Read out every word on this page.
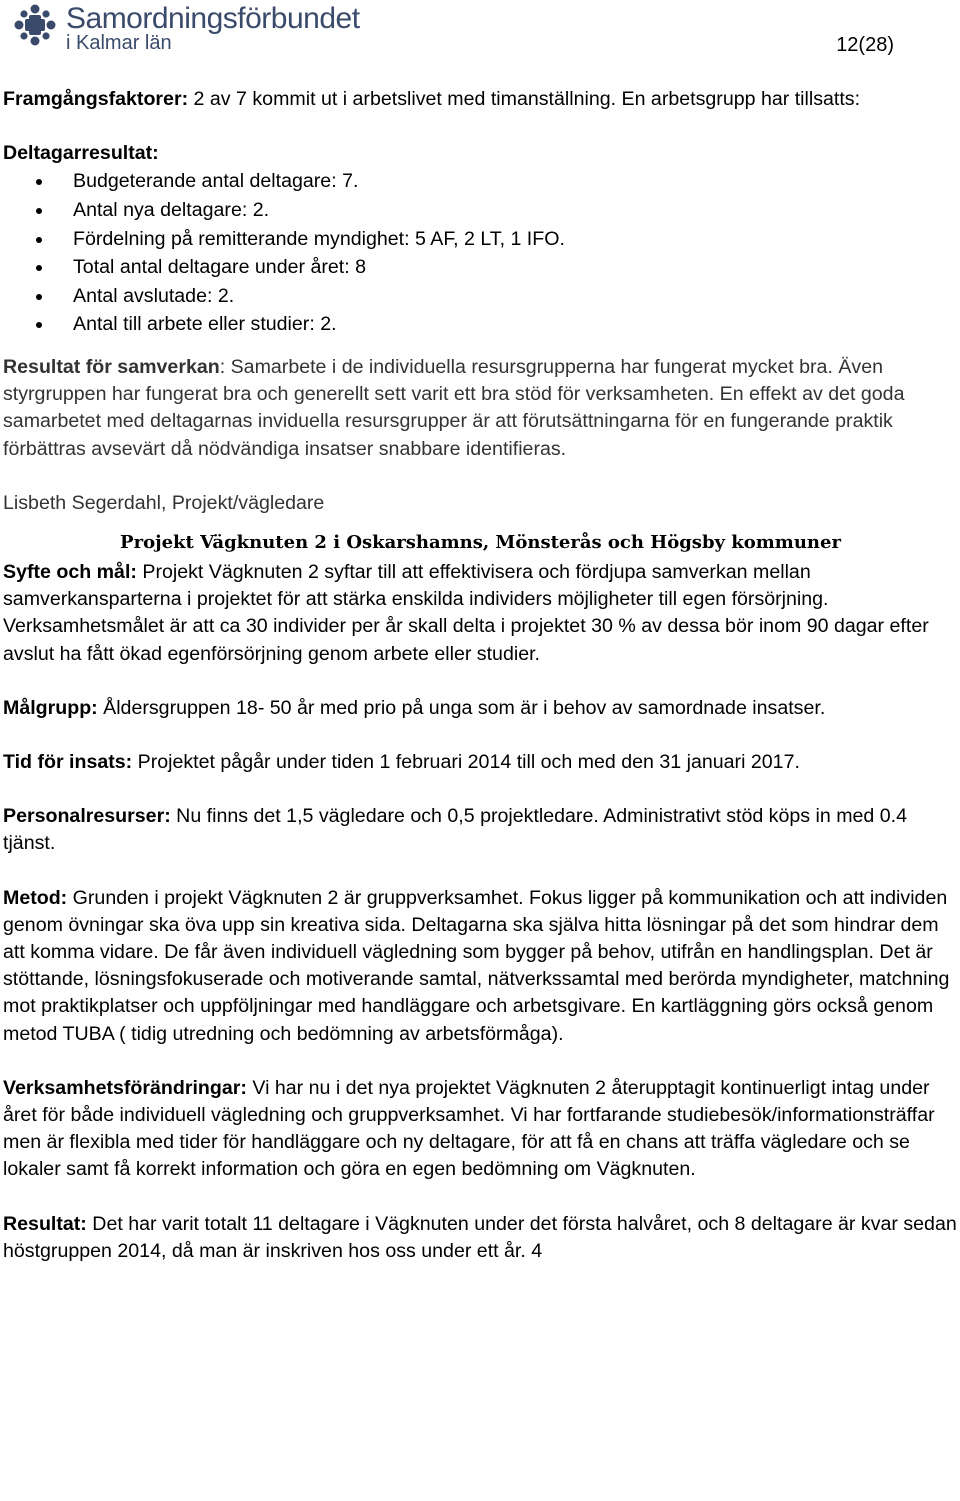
Samordningsförbundet
i Kalmar län	12(28)

Framgångsfaktorer: 2 av 7 kommit ut i arbetslivet med timanställning. En arbetsgrupp har tillsatts:

Deltagarresultat:

Budgeterande antal deltagare: 7.
Antal nya deltagare: 2.
Fördelning på remitterande myndighet: 5 AF, 2 LT, 1 IFO.
Total antal deltagare under året: 8
Antal avslutade: 2.
Antal till arbete eller studier: 2.

Resultat för samverkan: Samarbete i de individuella resursgrupperna har fungerat mycket bra. Även styrgruppen har fungerat bra och generellt sett varit ett bra stöd för verksamheten. En effekt av det goda samarbetet med deltagarnas inviduella resursgrupper är att förutsättningarna för en fungerande praktik förbättras avsevärt då nödvändiga insatser snabbare identifieras.

Lisbeth Segerdahl, Projekt/vägledare

Projekt Vägknuten 2 i Oskarshamns, Mönsterås och Högsby kommuner

Syfte och mål: Projekt Vägknuten 2 syftar till att effektivisera och fördjupa samverkan mellan samverkansparterna i projektet för att stärka enskilda individers möjligheter till egen försörjning. Verksamhetsmålet är att ca 30 individer per år skall delta i projektet 30 % av dessa bör inom 90 dagar efter avslut ha fått ökad egenförsörjning genom arbete eller studier.

Målgrupp: Åldersgruppen 18- 50 år med prio på unga som är i behov av samordnade insatser.

Tid för insats: Projektet pågår under tiden 1 februari 2014 till och med den 31 januari 2017.

Personalresurser: Nu finns det 1,5 vägledare och 0,5 projektledare. Administrativt stöd köps in med 0.4 tjänst.

Metod: Grunden i projekt Vägknuten 2 är gruppverksamhet. Fokus ligger på kommunikation och att individen genom övningar ska öva upp sin kreativa sida. Deltagarna ska själva hitta lösningar på det som hindrar dem att komma vidare. De får även individuell vägledning som bygger på behov, utifrån en handlingsplan. Det är stöttande, lösningsfokuserade och motiverande samtal, nätverkssamtal med berörda myndigheter, matchning mot praktikplatser och uppföljningar med handläggare och arbetsgivare. En kartläggning görs också genom metod TUBA ( tidig utredning och bedömning av arbetsförmåga).

Verksamhetsförändringar: Vi har nu i det nya projektet Vägknuten 2 återupptagit kontinuerligt intag under året för både individuell vägledning och gruppverksamhet. Vi har fortfarande studiebesök/informationsträffar men är flexibla med tider för handläggare och ny deltagare, för att få en chans att träffa vägledare och se lokaler samt få korrekt information och göra en egen bedömning om Vägknuten.

Resultat: Det har varit totalt 11 deltagare i Vägknuten under det första halvåret, och 8 deltagare är kvar sedan höstgruppen 2014, då man är inskriven hos oss under ett år. 4
